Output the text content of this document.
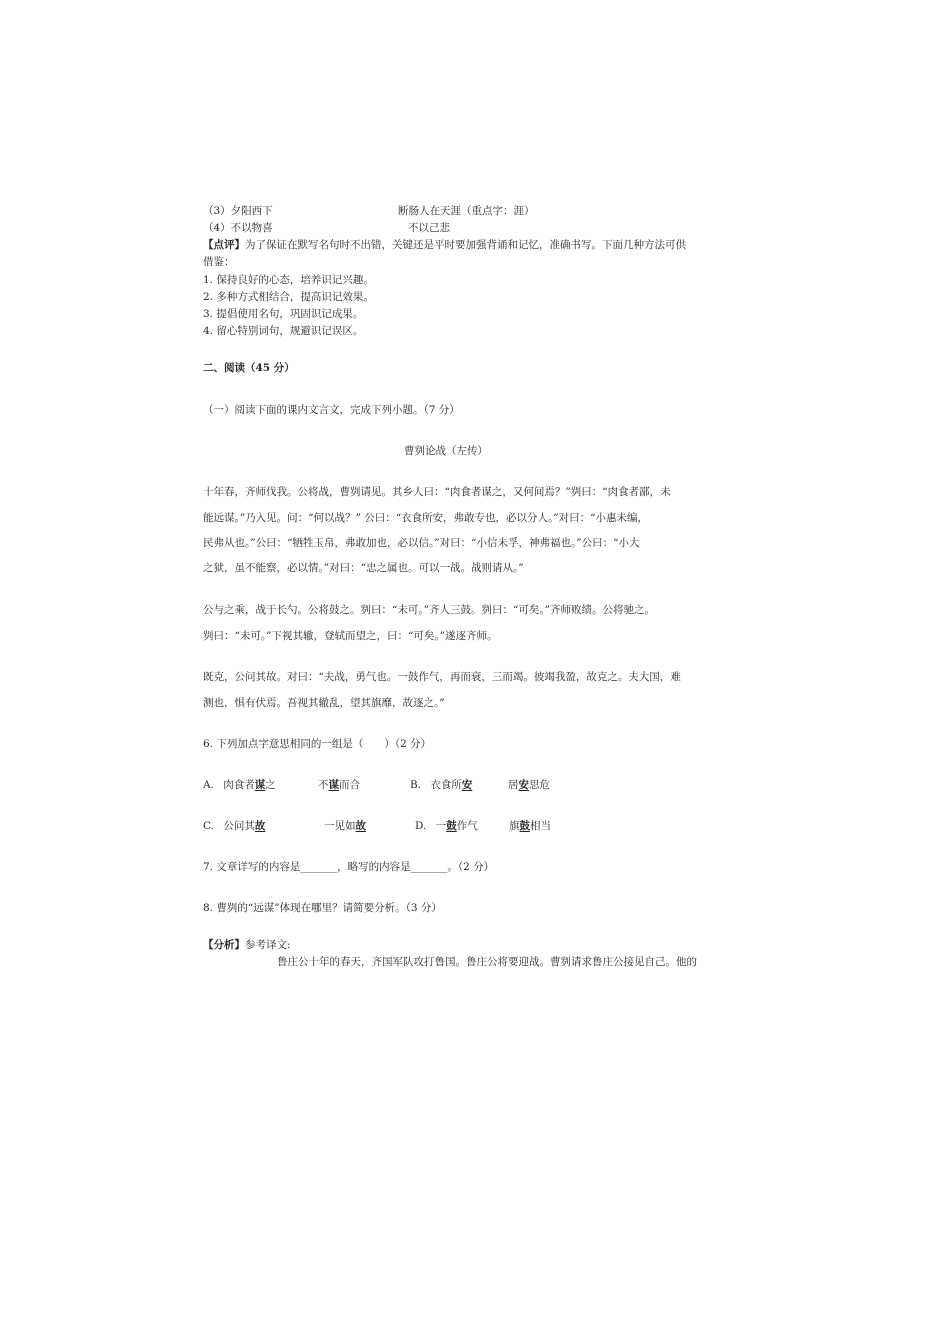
（3）夕阳西下	断肠人在天涯（重点字：涯）
（4）不以物喜	不以己悲
【点评】为了保证在默写名句时不出错，关键还是平时要加强背诵和记忆，准确书写。下面几种方法可供
借鉴：
1. 保持良好的心态，培养识记兴趣。
2. 多种方式相结合，提高识记效果。
3. 提倡使用名句，巩固识记成果。
4. 留心特别词句，规避识记误区。
二、阅读（45 分）
（一）阅读下面的课内文言文，完成下列小题。（7 分）
曹刿论战（左传）
十年春，齐师伐我。公将战，曹刿请见。其乡人曰：“肉食者谋之，又何间焉？”刿曰：“肉食者鄙，未
能远谋。”乃入见。问：“何以战？” 公曰：“衣食所安，弗敢专也，必以分人。”对曰：“小惠未编，
民弗从也。”公曰：“牺牲玉帛，弗敢加也，必以信。”对曰：“小信未孚，神弗福也。”公曰：“小大
之狱，虽不能察，必以情。”对曰：“忠之属也。可以一战。战则请从。”
公与之乘，战于长勺。公将鼓之。刿曰：“未可。”齐人三鼓。刿曰：“可矣。”齐师败绩。公将驰之。
刿曰：“未可。”下视其辙，登轼而望之，曰：“可矣。”遂逐齐师。
既克，公问其故。对曰：“夫战，勇气也。一鼓作气，再而衰，三而竭。彼竭我盈，故克之。夫大国，难
测也，惧有伏焉。吾视其辙乱，望其旗靡，故逐之。”
6. 下列加点字意思相同的一组是（　　）（2 分）
A. 肉食者谋之	不谋而合	B. 衣食所安	居安思危
C. 公问其故	一见如故	D. 一鼓作气	旗鼓相当
7. 文章详写的内容是_______，略写的内容是_______。（2 分）
8. 曹刿的“远谋”体现在哪里？请简要分析。（3 分）
【分析】参考译文:
鲁庄公十年的春天，齐国军队攻打鲁国。鲁庄公将要迎战。曹刿请求鲁庄公接见自己。他的
